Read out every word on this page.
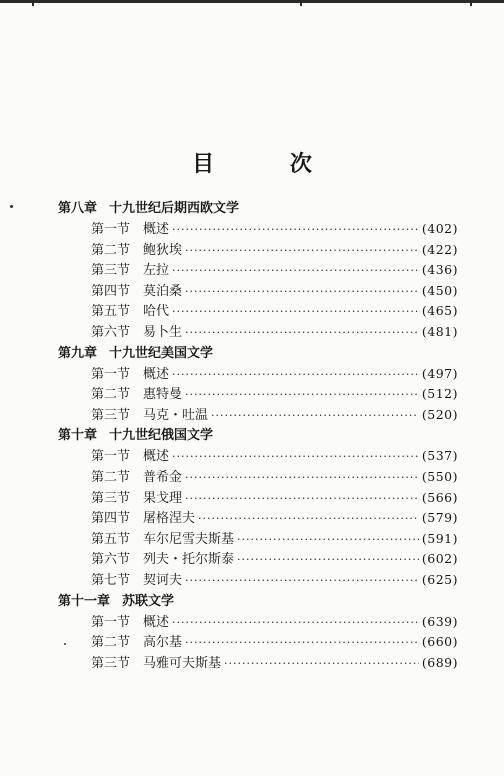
目 次
第八章 十九世纪后期西欧文学
第一节 概述 ·····	(402)
第二节 鲍狄埃 ·····	(422)
第三节 左拉 ·····	(436)
第四节 莫泊桑 ·····	(450)
第五节 哈代 ·····	(465)
第六节 易卜生 ·····	(481)
第九章 十九世纪美国文学
第一节 概述 ·····	(497)
第二节 惠特曼 ·····	(512)
第三节 马克・吐温 ·····	(520)
第十章 十九世纪俄国文学
第一节 概述 ·····	(537)
第二节 普希金 ·····	(550)
第三节 果戈理 ·····	(566)
第四节 屠格涅夫 ·····	(579)
第五节 车尔尼雪夫斯基 ·····	(591)
第六节 列夫・托尔斯泰 ·····	(602)
第七节 契诃夫 ·····	(625)
第十一章 苏联文学
第一节 概述 ·····	(639)
第二节 高尔基 ·····	(660)
第三节 马雅可夫斯基 ·····	(689)
